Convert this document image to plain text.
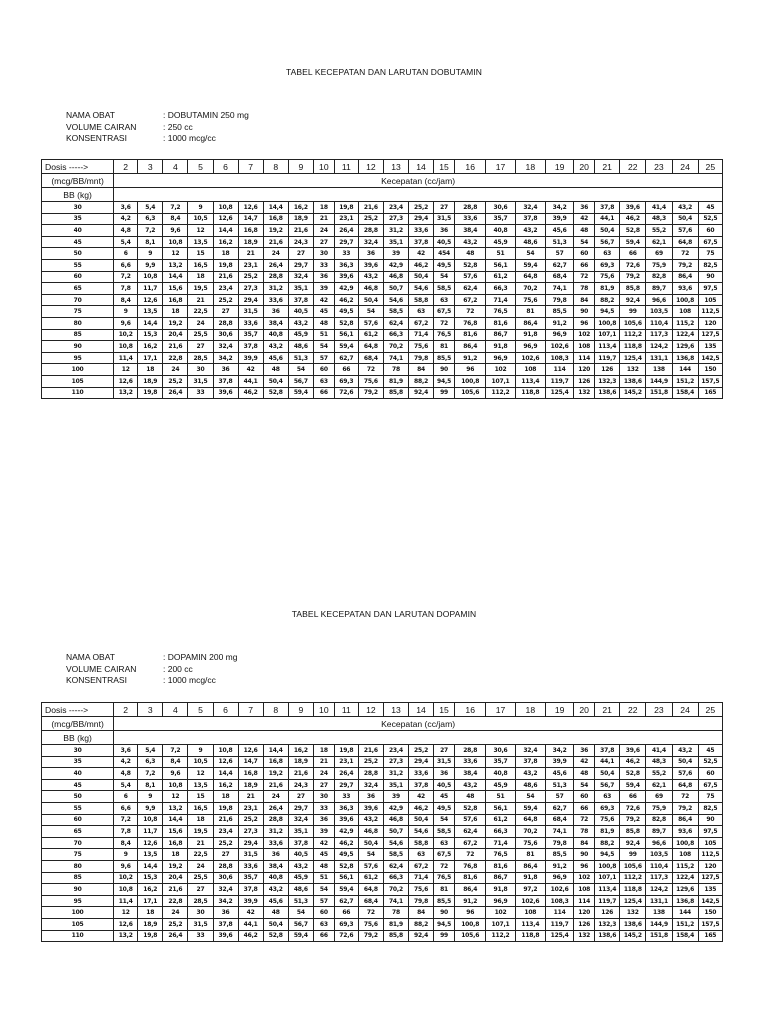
TABEL KECEPATAN DAN LARUTAN DOBUTAMIN
NAMA OBAT	: DOBUTAMIN 250 mg
VOLUME CAIRAN	: 250 cc
KONSENTRASI	: 1000 mcg/cc
Dosis ----->	2	3	4	5	6	7	8	9	10	11	12	13	14	15	16	17	18	19	20	21	22	23	24	25
(mcg/BB/mnt)	Kecepatan (cc/jam)																							
BB (kg)																								
30	3,6	5,4	7,2	9	10,8	12,6	14,4	16,2	18	19,8	21,6	23,4	25,2	27	28,8	30,6	32,4	34,2	36	37,8	39,6	41,4	43,2	45
35	4,2	6,3	8,4	10,5	12,6	14,7	16,8	18,9	21	23,1	25,2	27,3	29,4	31,5	33,6	35,7	37,8	39,9	42	44,1	46,2	48,3	50,4	52,5
40	4,8	7,2	9,6	12	14,4	16,8	19,2	21,6	24	26,4	28,8	31,2	33,6	36	38,4	40,8	43,2	45,6	48	50,4	52,8	55,2	57,6	60
45	5,4	8,1	10,8	13,5	16,2	18,9	21,6	24,3	27	29,7	32,4	35,1	37,8	40,5	43,2	45,9	48,6	51,3	54	56,7	59,4	62,1	64,8	67,5
50	6	9	12	15	18	21	24	27	30	33	36	39	42	454	48	51	54	57	60	63	66	69	72	75
55	6,6	9,9	13,2	16,5	19,8	23,1	26,4	29,7	33	36,3	39,6	42,9	46,2	49,5	52,8	56,1	59,4	62,7	66	69,3	72,6	75,9	79,2	82,5
60	7,2	10,8	14,4	18	21,6	25,2	28,8	32,4	36	39,6	43,2	46,8	50,4	54	57,6	61,2	64,8	68,4	72	75,6	79,2	82,8	86,4	90
65	7,8	11,7	15,6	19,5	23,4	27,3	31,2	35,1	39	42,9	46,8	50,7	54,6	58,5	62,4	66,3	70,2	74,1	78	81,9	85,8	89,7	93,6	97,5
70	8,4	12,6	16,8	21	25,2	29,4	33,6	37,8	42	46,2	50,4	54,6	58,8	63	67,2	71,4	75,6	79,8	84	88,2	92,4	96,6	100,8	105
75	9	13,5	18	22,5	27	31,5	36	40,5	45	49,5	54	58,5	63	67,5	72	76,5	81	85,5	90	94,5	99	103,5	108	112,5
80	9,6	14,4	19,2	24	28,8	33,6	38,4	43,2	48	52,8	57,6	62,4	67,2	72	76,8	81,6	86,4	91,2	96	100,8	105,6	110,4	115,2	120
85	10,2	15,3	20,4	25,5	30,6	35,7	40,8	45,9	51	56,1	61,2	66,3	71,4	76,5	81,6	86,7	91,8	96,9	102	107,1	112,2	117,3	122,4	127,5
90	10,8	16,2	21,6	27	32,4	37,8	43,2	48,6	54	59,4	64,8	70,2	75,6	81	86,4	91,8	96,9	102,6	108	113,4	118,8	124,2	129,6	135
95	11,4	17,1	22,8	28,5	34,2	39,9	45,6	51,3	57	62,7	68,4	74,1	79,8	85,5	91,2	96,9	102,6	108,3	114	119,7	125,4	131,1	136,8	142,5
100	12	18	24	30	36	42	48	54	60	66	72	78	84	90	96	102	108	114	120	126	132	138	144	150
105	12,6	18,9	25,2	31,5	37,8	44,1	50,4	56,7	63	69,3	75,6	81,9	88,2	94,5	100,8	107,1	113,4	119,7	126	132,3	138,6	144,9	151,2	157,5
110	13,2	19,8	26,4	33	39,6	46,2	52,8	59,4	66	72,6	79,2	85,8	92,4	99	105,6	112,2	118,8	125,4	132	138,6	145,2	151,8	158,4	165
TABEL KECEPATAN DAN LARUTAN DOPAMIN
NAMA OBAT	: DOPAMIN 200 mg
VOLUME CAIRAN	: 200 cc
KONSENTRASI	: 1000 mcg/cc
Dosis ----->	2	3	4	5	6	7	8	9	10	11	12	13	14	15	16	17	18	19	20	21	22	23	24	25
(mcg/BB/mnt)	Kecepatan (cc/jam)																							
BB (kg)																								
30	3,6	5,4	7,2	9	10,8	12,6	14,4	16,2	18	19,8	21,6	23,4	25,2	27	28,8	30,6	32,4	34,2	36	37,8	39,6	41,4	43,2	45
35	4,2	6,3	8,4	10,5	12,6	14,7	16,8	18,9	21	23,1	25,2	27,3	29,4	31,5	33,6	35,7	37,8	39,9	42	44,1	46,2	48,3	50,4	52,5
40	4,8	7,2	9,6	12	14,4	16,8	19,2	21,6	24	26,4	28,8	31,2	33,6	36	38,4	40,8	43,2	45,6	48	50,4	52,8	55,2	57,6	60
45	5,4	8,1	10,8	13,5	16,2	18,9	21,6	24,3	27	29,7	32,4	35,1	37,8	40,5	43,2	45,9	48,6	51,3	54	56,7	59,4	62,1	64,8	67,5
50	6	9	12	15	18	21	24	27	30	33	36	39	42	45	48	51	54	57	60	63	66	69	72	75
55	6,6	9,9	13,2	16,5	19,8	23,1	26,4	29,7	33	36,3	39,6	42,9	46,2	49,5	52,8	56,1	59,4	62,7	66	69,3	72,6	75,9	79,2	82,5
60	7,2	10,8	14,4	18	21,6	25,2	28,8	32,4	36	39,6	43,2	46,8	50,4	54	57,6	61,2	64,8	68,4	72	75,6	79,2	82,8	86,4	90
65	7,8	11,7	15,6	19,5	23,4	27,3	31,2	35,1	39	42,9	46,8	50,7	54,6	58,5	62,4	66,3	70,2	74,1	78	81,9	85,8	89,7	93,6	97,5
70	8,4	12,6	16,8	21	25,2	29,4	33,6	37,8	42	46,2	50,4	54,6	58,8	63	67,2	71,4	75,6	79,8	84	88,2	92,4	96,6	100,8	105
75	9	13,5	18	22,5	27	31,5	36	40,5	45	49,5	54	58,5	63	67,5	72	76,5	81	85,5	90	94,5	99	103,5	108	112,5
80	9,6	14,4	19,2	24	28,8	33,6	38,4	43,2	48	52,8	57,6	62,4	67,2	72	76,8	81,6	86,4	91,2	96	100,8	105,6	110,4	115,2	120
85	10,2	15,3	20,4	25,5	30,6	35,7	40,8	45,9	51	56,1	61,2	66,3	71,4	76,5	81,6	86,7	91,8	96,9	102	107,1	112,2	117,3	122,4	127,5
90	10,8	16,2	21,6	27	32,4	37,8	43,2	48,6	54	59,4	64,8	70,2	75,6	81	86,4	91,8	97,2	102,6	108	113,4	118,8	124,2	129,6	135
95	11,4	17,1	22,8	28,5	34,2	39,9	45,6	51,3	57	62,7	68,4	74,1	79,8	85,5	91,2	96,9	102,6	108,3	114	119,7	125,4	131,1	136,8	142,5
100	12	18	24	30	36	42	48	54	60	66	72	78	84	90	96	102	108	114	120	126	132	138	144	150
105	12,6	18,9	25,2	31,5	37,8	44,1	50,4	56,7	63	69,3	75,6	81,9	88,2	94,5	100,8	107,1	113,4	119,7	126	132,3	138,6	144,9	151,2	157,5
110	13,2	19,8	26,4	33	39,6	46,2	52,8	59,4	66	72,6	79,2	85,8	92,4	99	105,6	112,2	118,8	125,4	132	138,6	145,2	151,8	158,4	165
